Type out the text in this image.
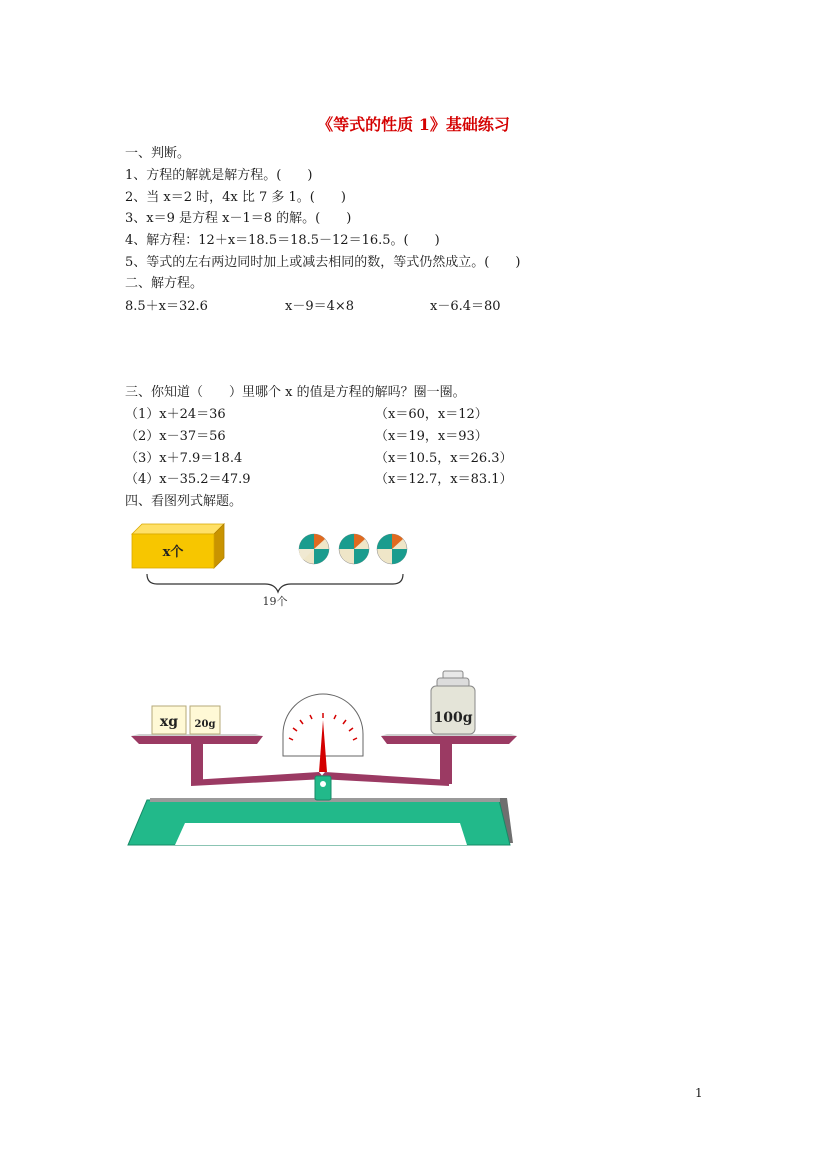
《等式的性质 1》基础练习
一、判断。
1、方程的解就是解方程。(　　)
2、当 x＝2 时，4x 比 7 多 1。(　　)
3、x＝9 是方程 x－1＝8 的解。(　　)
4、解方程：12＋x＝18.5＝18.5－12＝16.5。(　　)
5、等式的左右两边同时加上或减去相同的数，等式仍然成立。(　　)
二、解方程。
8.5＋x＝32.6	x－9＝4×8	x－6.4＝80
三、你知道（　　）里哪个 x 的值是方程的解吗？圈一圈。
（1）x＋24＝36	（x＝60，x＝12）
（2）x－37＝56	（x＝19，x＝93）
（3）x＋7.9＝18.4	（x＝10.5，x＝26.3）
（4）x－35.2＝47.9	（x＝12.7，x＝83.1）
四、看图列式解题。
x个
19个
xg 20g	100g
1
